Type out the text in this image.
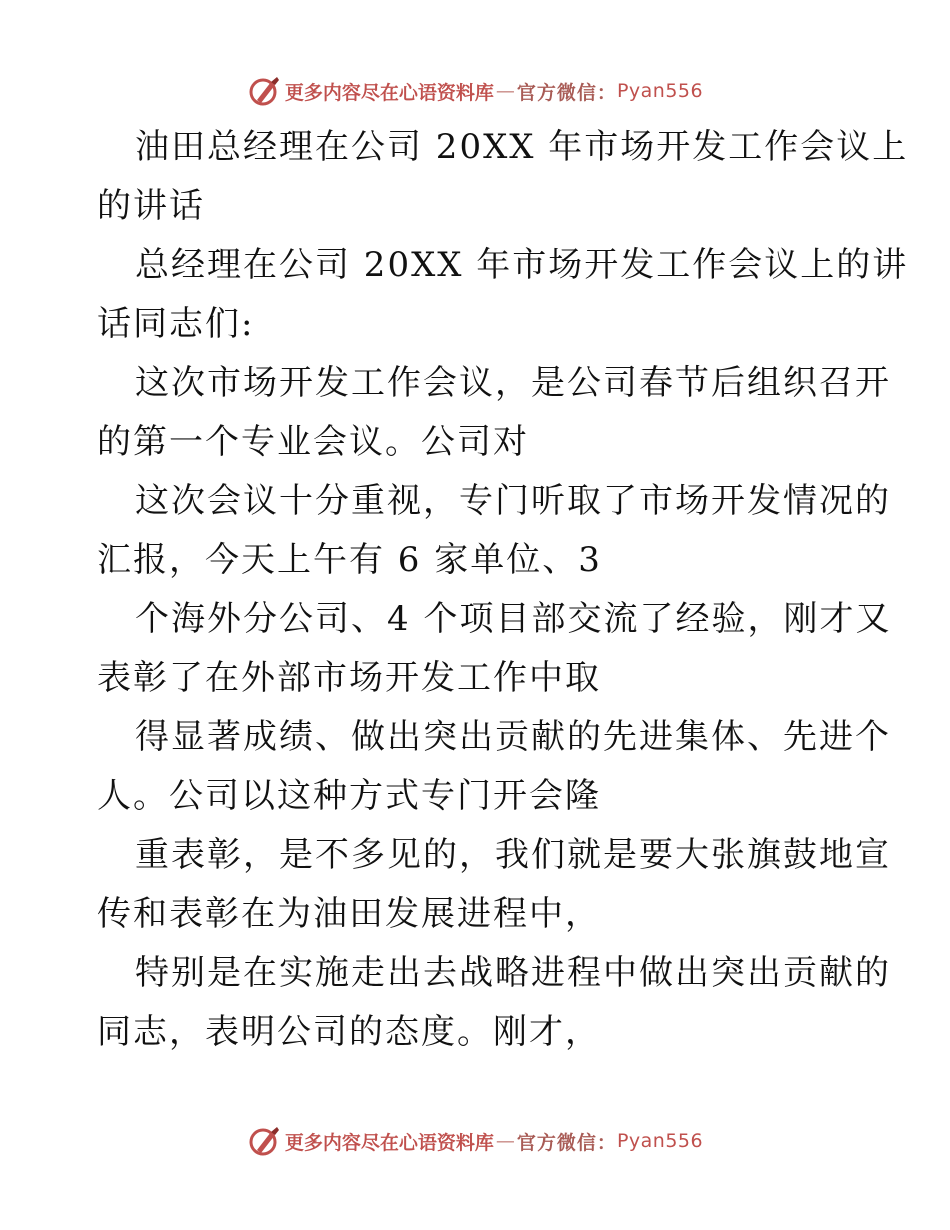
更多内容尽在心语资料库 — 官方微信： Pyan556
油田总经理在公司 20XX 年市场开发工作会议上
的讲话
总经理在公司 20XX 年市场开发工作会议上的讲
话同志们:
这次市场开发工作会议，是公司春节后组织召开
的第一个专业会议。公司对
这次会议十分重视，专门听取了市场开发情况的
汇报，今天上午有 6 家单位、3
个海外分公司、4 个项目部交流了经验，刚才又
表彰了在外部市场开发工作中取
得显著成绩、做出突出贡献的先进集体、先进个
人。公司以这种方式专门开会隆
重表彰，是不多见的，我们就是要大张旗鼓地宣
传和表彰在为油田发展进程中，
特别是在实施走出去战略进程中做出突出贡献的
同志，表明公司的态度。刚才，
更多内容尽在心语资料库 — 官方微信： Pyan556
